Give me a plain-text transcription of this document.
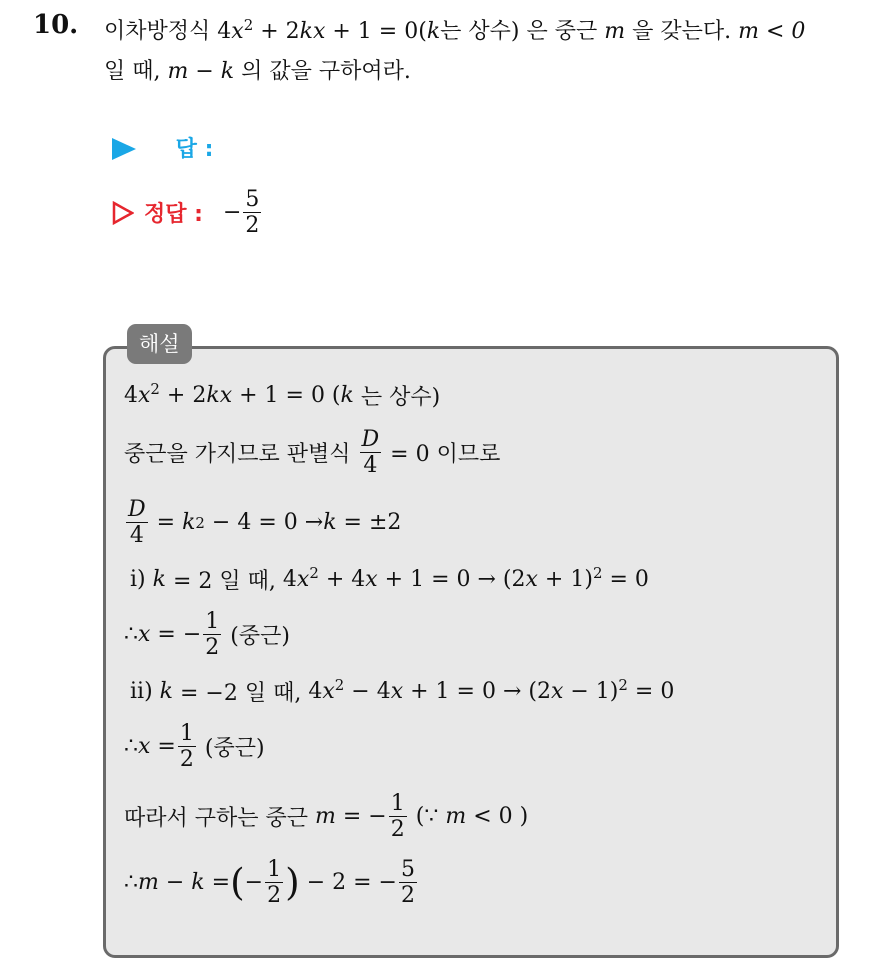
10. 이차방정식 $4x^2 + 2kx + 1 = 0(k$는 상수) 은 중근 m 을 갖는다. m < 0
일 때, m − k 의 값을 구하여라.
답 :
정답 : − $\frac{5}{2}$
해설
$4x^2 + 2kx + 1 = 0$ ( k
는 상수)
중근을 가지므로 판별식
$\frac{D}{4}$
= 0 이므로
$\frac{D}{4} = k$ 2
− 4 = 0 → k
= ±2
ⅰ)
k
= 2 일 때,
$4x^2 + 4x + 1 = 0 \to (2x + 1)^2 = 0$
∴ x = − $\frac{1}{2}$
(중근)
ⅱ)
k
= −2 일 때,
$4x^2 - 4x + 1 = 0 \to (2x - 1)^2 = 0$
∴ $x = \frac{1}{2}$
(중근)
따라서 구하는 중근
m = − $\frac{1}{2}$
(∵
m
< 0 )
∴ m − k = ( − $\frac{1}{2}$ ) − 2 = − $\frac{5}{2}$
